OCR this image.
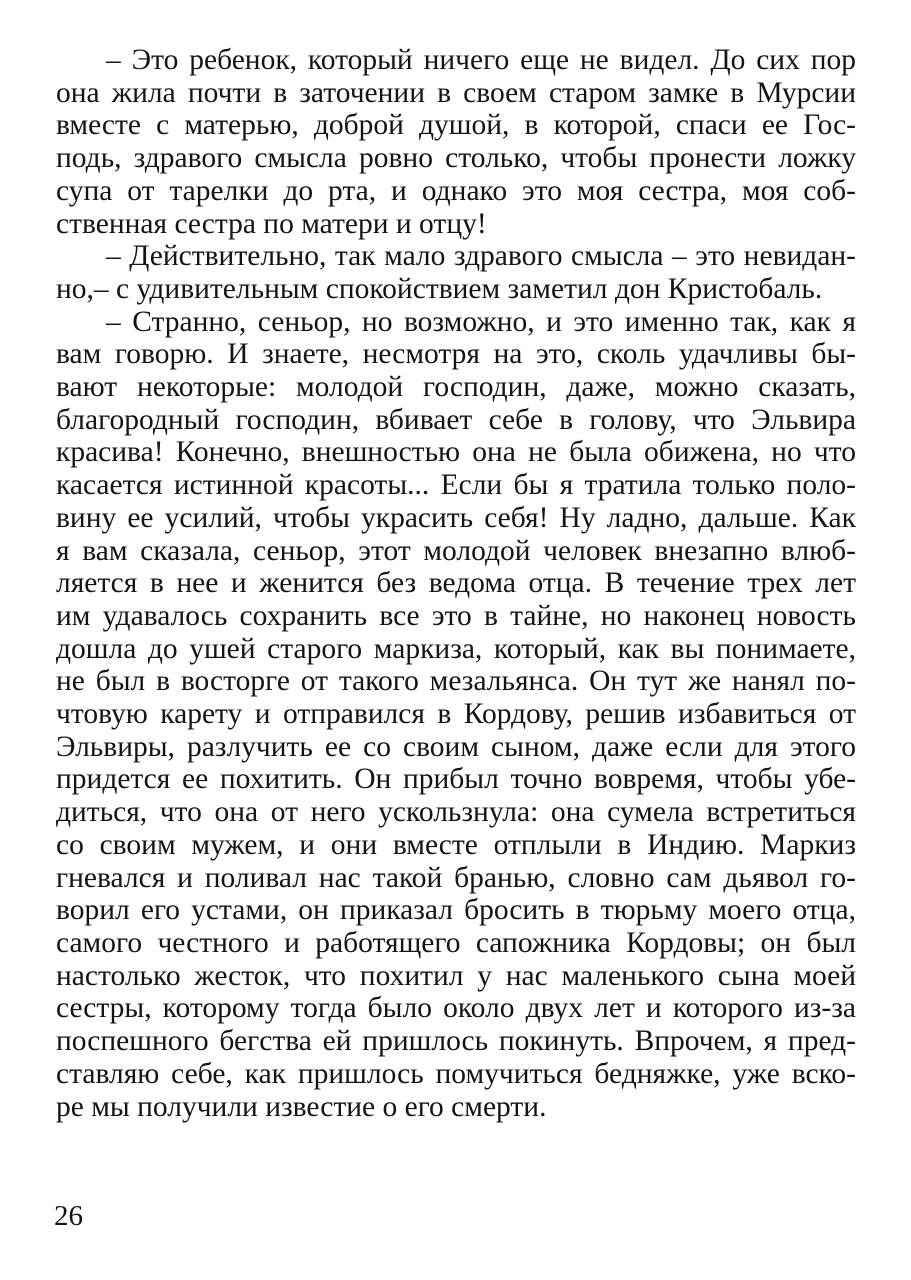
– Это ребенок, который ничего еще не видел. До сих пор
она жила почти в заточении в своем старом замке в Мурсии
вместе с матерью, доброй душой, в которой, спаси ее Гос-
подь, здравого смысла ровно столько, чтобы пронести ложку
супа от тарелки до рта, и однако это моя сестра, моя соб-
ственная сестра по матери и отцу!
– Действительно, так мало здравого смысла – это невидан-
но,– с удивительным спокойствием заметил дон Кристобаль.
– Странно, сеньор, но возможно, и это именно так, как я
вам говорю. И знаете, несмотря на это, сколь удачливы бы-
вают некоторые: молодой господин, даже, можно сказать,
благородный господин, вбивает себе в голову, что Эльвира
красива! Конечно, внешностью она не была обижена, но что
касается истинной красоты... Если бы я тратила только поло-
вину ее усилий, чтобы украсить себя! Ну ладно, дальше. Как
я вам сказала, сеньор, этот молодой человек внезапно влюб-
ляется в нее и женится без ведома отца. В течение трех лет
им удавалось сохранить все это в тайне, но наконец новость
дошла до ушей старого маркиза, который, как вы понимаете,
не был в восторге от такого мезальянса. Он тут же нанял по-
чтовую карету и отправился в Кордову, решив избавиться от
Эльвиры, разлучить ее со своим сыном, даже если для этого
придется ее похитить. Он прибыл точно вовремя, чтобы убе-
диться, что она от него ускользнула: она сумела встретиться
со своим мужем, и они вместе отплыли в Индию. Маркиз
гневался и поливал нас такой бранью, словно сам дьявол го-
ворил его устами, он приказал бросить в тюрьму моего отца,
самого честного и работящего сапожника Кордовы; он был
настолько жесток, что похитил у нас маленького сына моей
сестры, которому тогда было около двух лет и которого из-за
поспешного бегства ей пришлось покинуть. Впрочем, я пред-
ставляю себе, как пришлось помучиться бедняжке, уже вско-
ре мы получили известие о его смерти.
26
